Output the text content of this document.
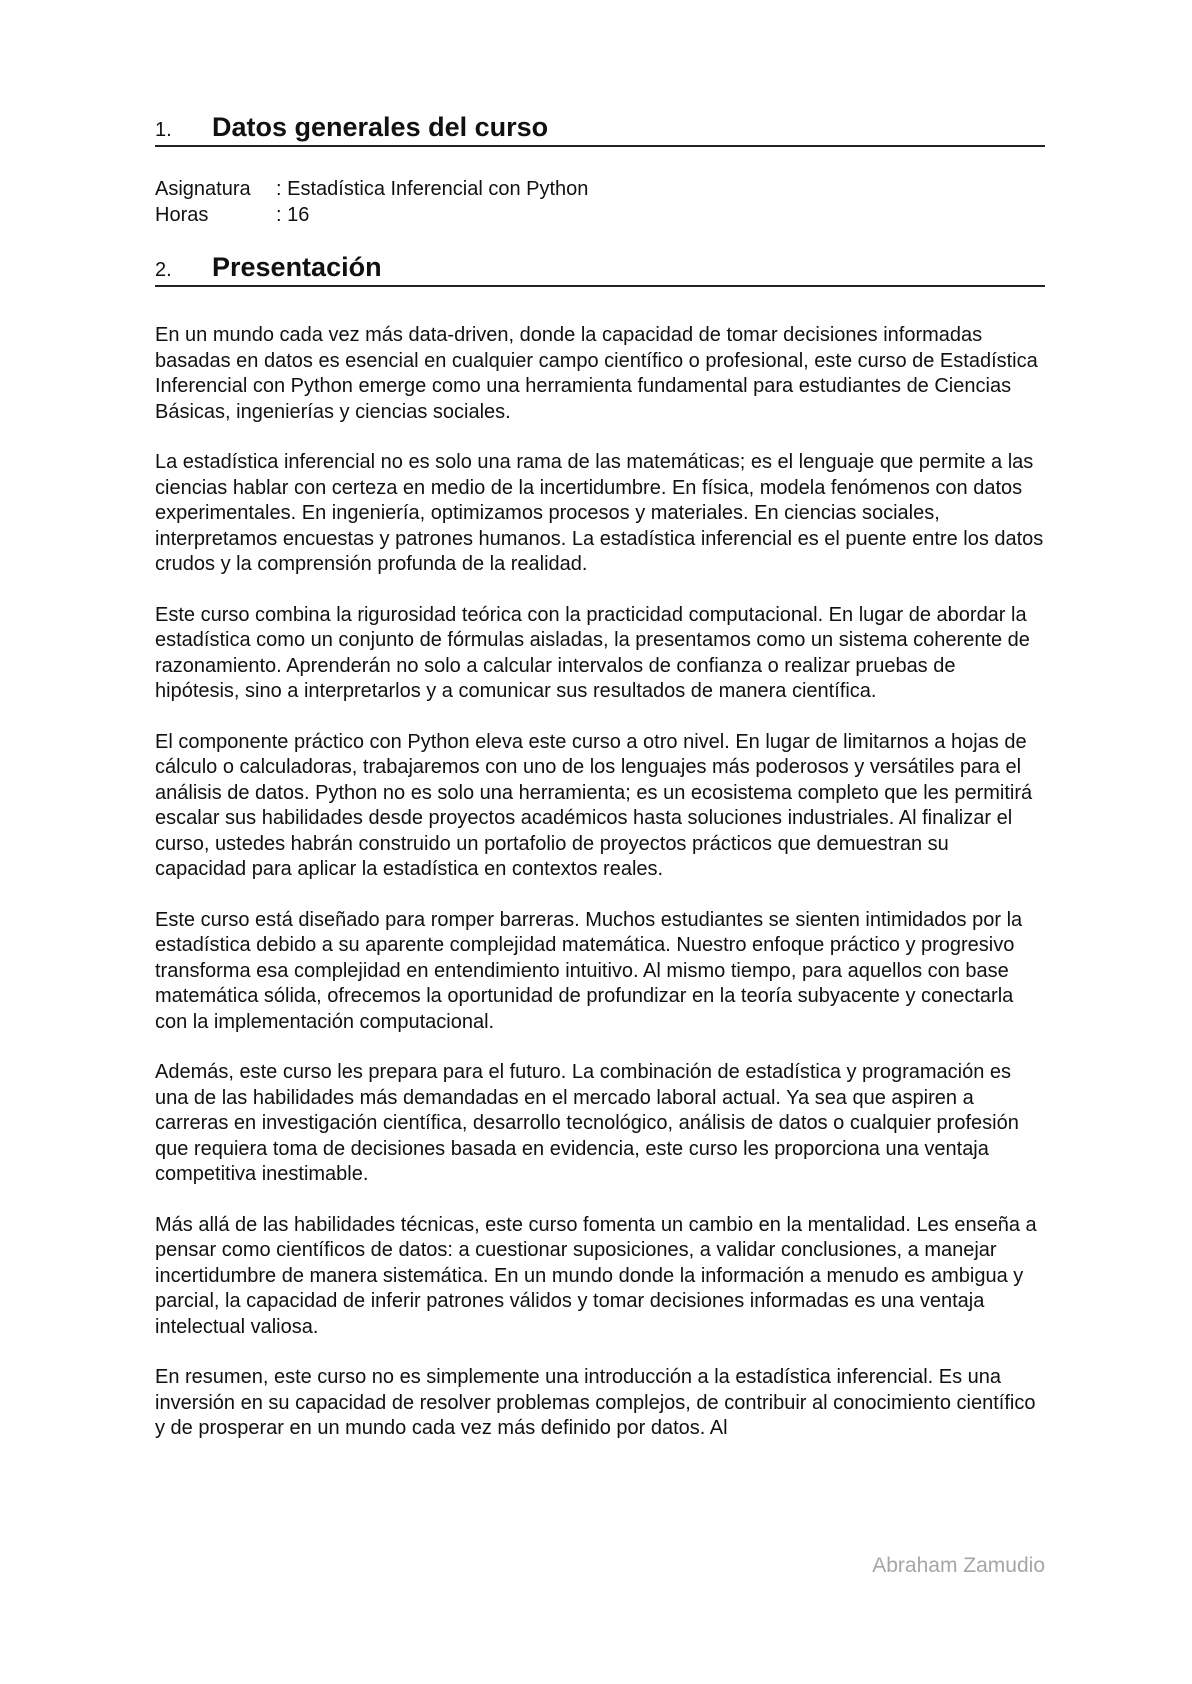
1.	Datos generales del curso
Asignatura	: Estadística Inferencial con Python
Horas	: 16
2.	Presentación

En un mundo cada vez más data-driven, donde la capacidad de tomar decisiones informadas basadas en datos es esencial en cualquier campo científico o profesional, este curso de Estadística Inferencial con Python emerge como una herramienta fundamental para estudiantes de Ciencias Básicas, ingenierías y ciencias sociales.

La estadística inferencial no es solo una rama de las matemáticas; es el lenguaje que permite a las ciencias hablar con certeza en medio de la incertidumbre. En física, modela fenómenos con datos experimentales. En ingeniería, optimizamos procesos y materiales. En ciencias sociales, interpretamos encuestas y patrones humanos. La estadística inferencial es el puente entre los datos crudos y la comprensión profunda de la realidad.

Este curso combina la rigurosidad teórica con la practicidad computacional. En lugar de abordar la estadística como un conjunto de fórmulas aisladas, la presentamos como un sistema coherente de razonamiento. Aprenderán no solo a calcular intervalos de confianza o realizar pruebas de hipótesis, sino a interpretarlos y a comunicar sus resultados de manera científica.

El componente práctico con Python eleva este curso a otro nivel. En lugar de limitarnos a hojas de cálculo o calculadoras, trabajaremos con uno de los lenguajes más poderosos y versátiles para el análisis de datos. Python no es solo una herramienta; es un ecosistema completo que les permitirá escalar sus habilidades desde proyectos académicos hasta soluciones industriales. Al finalizar el curso, ustedes habrán construido un portafolio de proyectos prácticos que demuestran su capacidad para aplicar la estadística en contextos reales.

Este curso está diseñado para romper barreras. Muchos estudiantes se sienten intimidados por la estadística debido a su aparente complejidad matemática. Nuestro enfoque práctico y progresivo transforma esa complejidad en entendimiento intuitivo. Al mismo tiempo, para aquellos con base matemática sólida, ofrecemos la oportunidad de profundizar en la teoría subyacente y conectarla con la implementación computacional.

Además, este curso les prepara para el futuro. La combinación de estadística y programación es una de las habilidades más demandadas en el mercado laboral actual. Ya sea que aspiren a carreras en investigación científica, desarrollo tecnológico, análisis de datos o cualquier profesión que requiera toma de decisiones basada en evidencia, este curso les proporciona una ventaja competitiva inestimable.

Más allá de las habilidades técnicas, este curso fomenta un cambio en la mentalidad. Les enseña a pensar como científicos de datos: a cuestionar suposiciones, a validar conclusiones, a manejar incertidumbre de manera sistemática. En un mundo donde la información a menudo es ambigua y parcial, la capacidad de inferir patrones válidos y tomar decisiones informadas es una ventaja intelectual valiosa.

En resumen, este curso no es simplemente una introducción a la estadística inferencial. Es una inversión en su capacidad de resolver problemas complejos, de contribuir al conocimiento científico y de prosperar en un mundo cada vez más definido por datos. Al

Abraham Zamudio
